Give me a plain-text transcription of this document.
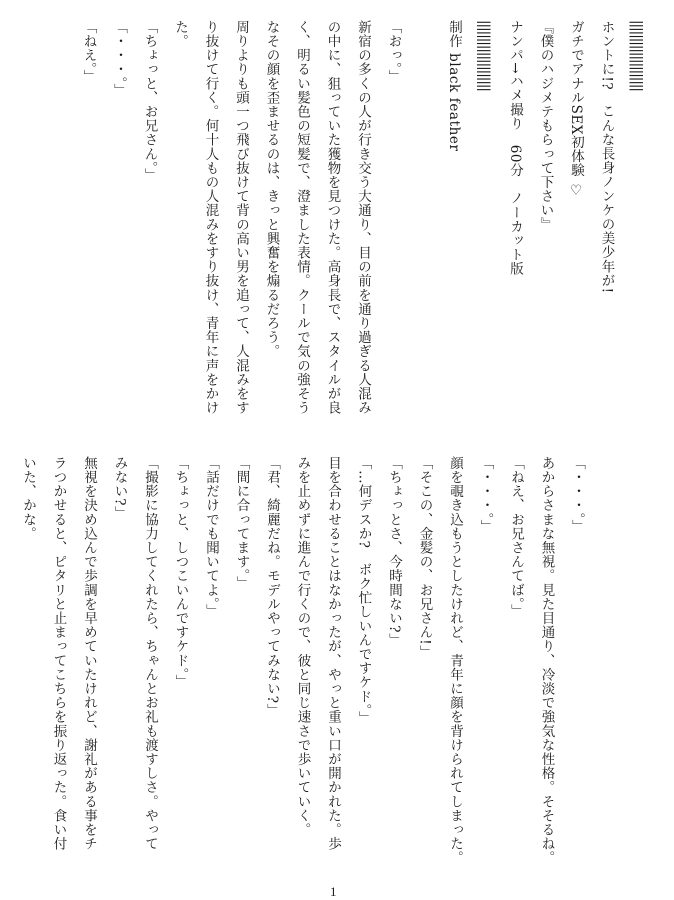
||||||||||||||||||||

ホントに!?　こんな長身ノンケの美少年が!

ガチでアナルSEX初体験 ♡

『僕のハジメテもらって下さい』

ナンパ→ハメ撮り　60分　ノーカット版

||||||||||||||||||||

制作 black feather

「おっ。」

新宿の多くの人が行き交う大通り、目の前を通り過ぎる人混み

の中に、狙っていた獲物を見つけた。高身長で、スタイルが良

く、明るい髪色の短髪で、澄ました表情。クールで気の強そう

なその顔を歪ませるのは、きっと興奮を煽るだろう。

周りよりも頭一つ飛び抜けて背の高い男を追って、人混みをす

り抜けて行く。何十人もの人混みをすり抜け、青年に声をかけ

た。

「ちょっと、お兄さん。」

「・・・。」

「ねえ。」

「・・・。」

あからさまな無視。見た目通り、冷淡で強気な性格。そそるね。

「ねえ、お兄さんてば。」

「・・・。」

顔を覗き込もうとしたけれど、青年に顔を背けられてしまった。

「そこの、金髪の、お兄さん!」

「ちょっとさ、今時間ない?」

「…何デスか?　ボク忙しいんですケド。」

目を合わせることはなかったが、やっと重い口が開かれた。歩

みを止めずに進んで行くので、彼と同じ速さで歩いていく。

「君、綺麗だね。モデルやってみない?」

「間に合ってます。」

「話だけでも聞いてよ。」

「ちょっと、しつこいんですケド。」

「撮影に協力してくれたら、ちゃんとお礼も渡すしさ。やって

みない?」

無視を決め込んで歩調を早めていたけれど、謝礼がある事をチ

ラつかせると、ピタリと止まってこちらを振り返った。食い付

いた、かな。

1
